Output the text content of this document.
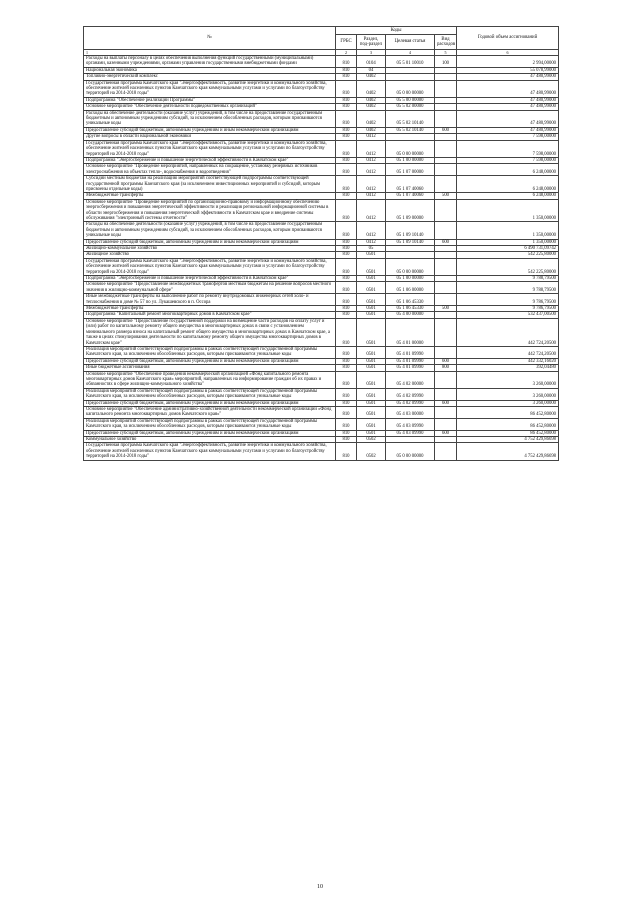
№	Коды				Годовой объем ассигнований
	ГРБС	Раздел, под-раздел	Целевая статья	Вид расходов	
1	2	3	4	5	6
Расходы на выплаты персоналу в целях обеспечения выполнения функций государственными (муниципальными) органами, казенными учреждениями, органами управления государственными внебюджетными фондами	810	0104	05 5 01 10010	100	2 994,00000
Национальная экономика	810	04			55 078,99000
Топливно-энергетический комплекс	810	0402			47 480,99000
Государственная программа Камчатского края "Энергоэффективность, развитие энергетики и коммунального хозяйства, обеспечение жителей населенных пунктов Камчатского края коммунальными услугами и услугами по благоустройству территорий на 2014-2018 годы"	810	0402	05 0 00 00000		47 480,99000
Подпрограмма "Обеспечение реализации Программы"	810	0402	05 5 00 00000		47 480,99000
Основное мероприятие "Обеспечение деятельности подведомственных организаций"	810	0402	05 5 02 00000		47 480,99000
Расходы на обеспечение деятельности (оказание услуг) учреждений, в том числе на предоставление государственным бюджетным и автономным учреждениям субсидий, за исключением обособленных расходов, которым присваиваются уникальные коды	810	0402	05 5 02 10140		47 480,99000
Предоставление субсидий бюджетным, автономным учреждениям и иным некоммерческим организациям	810	0402	05 5 02 10140	600	47 480,99000
Другие вопросы в области национальной экономики	810	0412			7 598,00000
Государственная программа Камчатского края "Энергоэффективность, развитие энергетики и коммунального хозяйства, обеспечение жителей населенных пунктов Камчатского края коммунальными услугами и услугами по благоустройству территорий на 2014-2018 годы"	810	0412	05 0 00 00000		7 598,00000
Подпрограмма "Энергосбережение и повышение энергетической эффективности в Камчатском крае"	810	0412	05 1 00 00000		7 598,00000
Основное мероприятие "Проведение мероприятий, направленных на сокращение, установку резервных источников электроснабжения на объектах тепло-, водоснабжения и водоотведения"	810	0412	05 1 07 00000		6 248,00000
Субсидии местным бюджетам на реализацию мероприятий соответствующей подпрограммы соответствующей государственной программы Камчатского края (за исключением инвестиционных мероприятий и субсидий, которым присвоены отдельные коды)	810	0412	05 1 07 40060		6 248,00000
Межбюджетные трансферты	810	0412	05 1 07 40060	500	6 248,00000
Основное мероприятие "Проведение мероприятий по организационно-правовому и информационному обеспечению энергосбережения и повышения энергетической эффективности и реализация региональной информационной системы в области энергосбережения и повышения энергетической эффективности в Камчатском крае и внедрение системы обслуживания "электронный системы отчетности"	810	0412	05 1 09 00000		1 350,00000
Расходы на обеспечение деятельности (оказание услуг) учреждений, в том числе на предоставление государственным бюджетным и автономным учреждениям субсидий, за исключением обособленных расходов, которым присваиваются уникальные коды	810	0412	05 1 09 10140		1 350,00000
Предоставление субсидий бюджетным, автономным учреждениям и иным некоммерческим организациям	810	0412	05 1 09 10140	600	1 350,00000
Жилищно-коммунальное хозяйство	810	05			6 490 731,09742
Жилищное хозяйство	810	0501			542 225,80000
Государственная программа Камчатского края "Энергоэффективность, развитие энергетики и коммунального хозяйства, обеспечение жителей населенных пунктов Камчатского края коммунальными услугами и услугами по благоустройству территорий на 2014-2018 годы"	810	0501	05 0 00 00000		542 225,80000
Подпрограмма "Энергосбережение и повышение энергетической эффективности в Камчатском крае"	810	0501	05 1 00 00000		9 788,79500
Основное мероприятие "Предоставление межбюджетных трансфертов местным бюджетам на решение вопросов местного значения в жилищно-коммунальной сфере"	810	0501	05 1 06 00000		9 788,79500
Иные межбюджетные трансферты на выполнение работ по ремонту внутридомовых инженерных сетей холо- и теплоснабжения в доме № 57 по ул. Лукашевского в п. Оссора	810	0501	05 1 06 45330		9 786,79500
Межбюджетные трансферты	810	0501	05 1 06 45330	500	9 786,79500
Подпрограмма "Капитальный ремонт многоквартирных домов в Камчатском крае"	810	0501	05 4 00 00000		532 437,00500
Основное мероприятие "Предоставление государственной поддержки на возмещение части расходов на оплату услуг и (или) работ по капитальному ремонту общего имущества в многоквартирных домах в связи с установлением минимального размера взноса на капитальный ремонт общего имущества в многоквартирных домах в Камчатском крае, а также в целях стимулирования деятельности по капитальному ремонту общего имущества многоквартирных домов в Камчатском крае"	810	0501	05 4 01 00000		442 724,20500
Реализация мероприятий соответствующей подпрограммы в рамках соответствующей государственной программы Камчатского края, за исключением обособленных расходов, которым присваиваются уникальные коды	810	0501	05 4 01 09990		442 724,20500
Предоставление субсидий бюджетным, автономным учреждениям и иным некоммерческим организациям	810	0501	05 4 01 09990	600	442 332,16020
Иные бюджетные ассигнования	810	0501	05 4 01 09990	800	392,04480
Основное мероприятие "Обеспечение проведения некоммерческой организацией «Фонд капитального ремонта многоквартирных домов Камчатского края» мероприятий, направленных на информирование граждан об их правах и обязанностях в сфере жилищно-коммунального хозяйства"	810	0501	05 4 02 00000		3 260,00000
Реализация мероприятий соответствующей подпрограммы в рамках соответствующей государственной программы Камчатского края, за исключением обособленных расходов, которым присваиваются уникальные коды	810	0501	05 4 02 09990		3 260,00000
Предоставление субсидий бюджетным, автономным учреждениям и иным некоммерческим организациям	810	0501	05 4 02 09990	600	3 260,00000
Основное мероприятие "Обеспечение административно-хозяйственной деятельности некоммерческой организации «Фонд капитального ремонта многоквартирных домов Камчатского края»"	810	0501	05 4 03 00000		86 452,80000
Реализация мероприятий соответствующей подпрограммы в рамках соответствующей государственной программы Камчатского края, за исключением обособленных расходов, которым присваиваются уникальные коды	810	0501	05 4 03 09990		86 452,80000
Предоставление субсидий бюджетным, автономным учреждениям и иным некоммерческим организациям	810	0501	05 4 03 09990	600	86 452,80000
Коммунальное хозяйство	810	0502			4 752 429,86698
Государственная программа Камчатского края "Энергоэффективность, развитие энергетики и коммунального хозяйства, обеспечение жителей населенных пунктов Камчатского края коммунальными услугами и услугами по благоустройству территорий на 2014-2018 годы"	810	0502	05 0 00 00000		4 752 429,86698
10
